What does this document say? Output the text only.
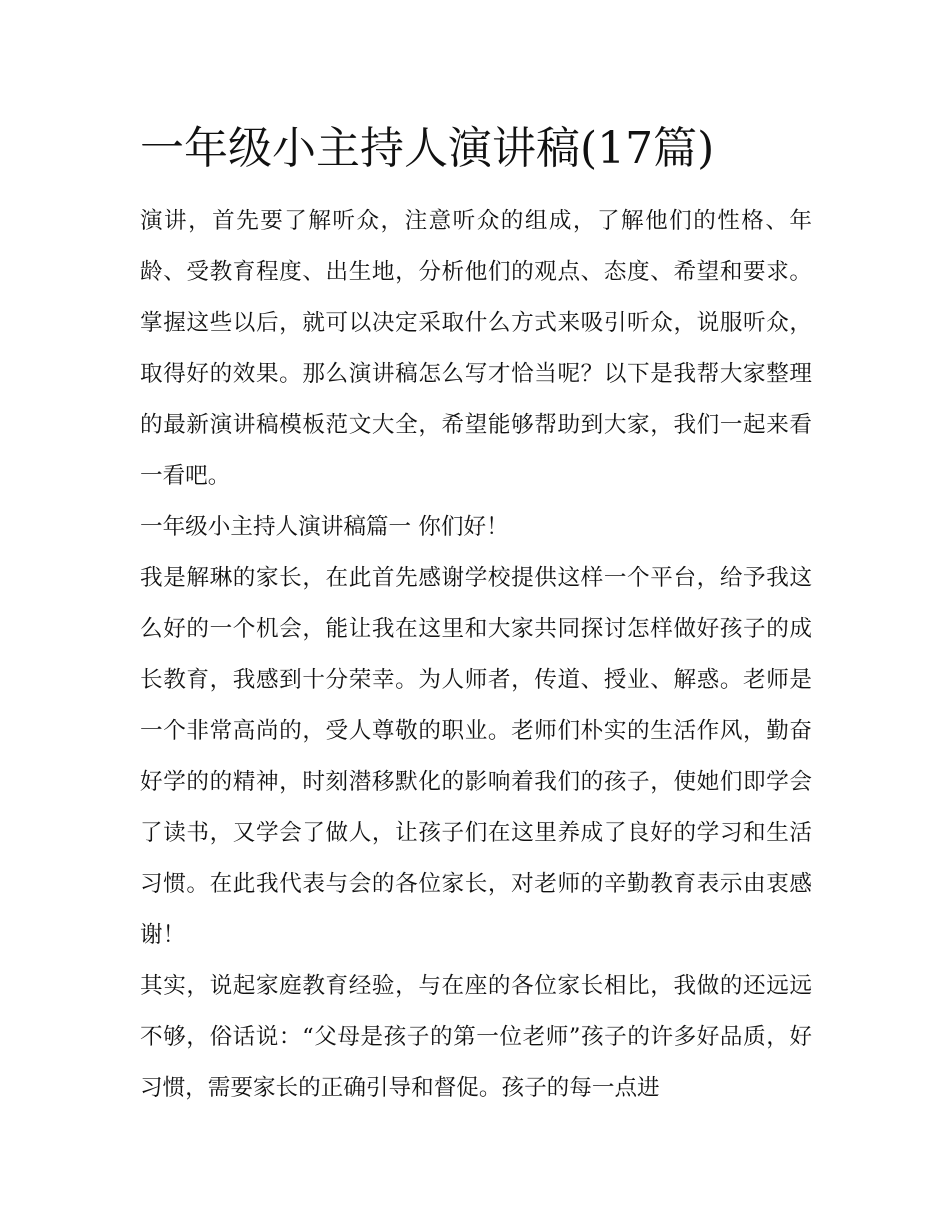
一年级小主持人演讲稿(17篇)

演讲，首先要了解听众，注意听众的组成，了解他们的性格、年龄、受教育程度、出生地，分析他们的观点、态度、希望和要求。掌握这些以后，就可以决定采取什么方式来吸引听众，说服听众，取得好的效果。那么演讲稿怎么写才恰当呢？以下是我帮大家整理的最新演讲稿模板范文大全，希望能够帮助到大家，我们一起来看一看吧。

一年级小主持人演讲稿篇一 你们好！

我是解琳的家长，在此首先感谢学校提供这样一个平台，给予我这么好的一个机会，能让我在这里和大家共同探讨怎样做好孩子的成长教育，我感到十分荣幸。为人师者，传道、授业、解惑。老师是一个非常高尚的，受人尊敬的职业。老师们朴实的生活作风，勤奋好学的的精神，时刻潜移默化的影响着我们的孩子，使她们即学会了读书，又学会了做人，让孩子们在这里养成了良好的学习和生活习惯。在此我代表与会的各位家长，对老师的辛勤教育表示由衷感谢！

其实，说起家庭教育经验，与在座的各位家长相比，我做的还远远不够，俗话说：“父母是孩子的第一位老师”孩子的许多好品质，好习惯，需要家长的正确引导和督促。孩子的每一点进
